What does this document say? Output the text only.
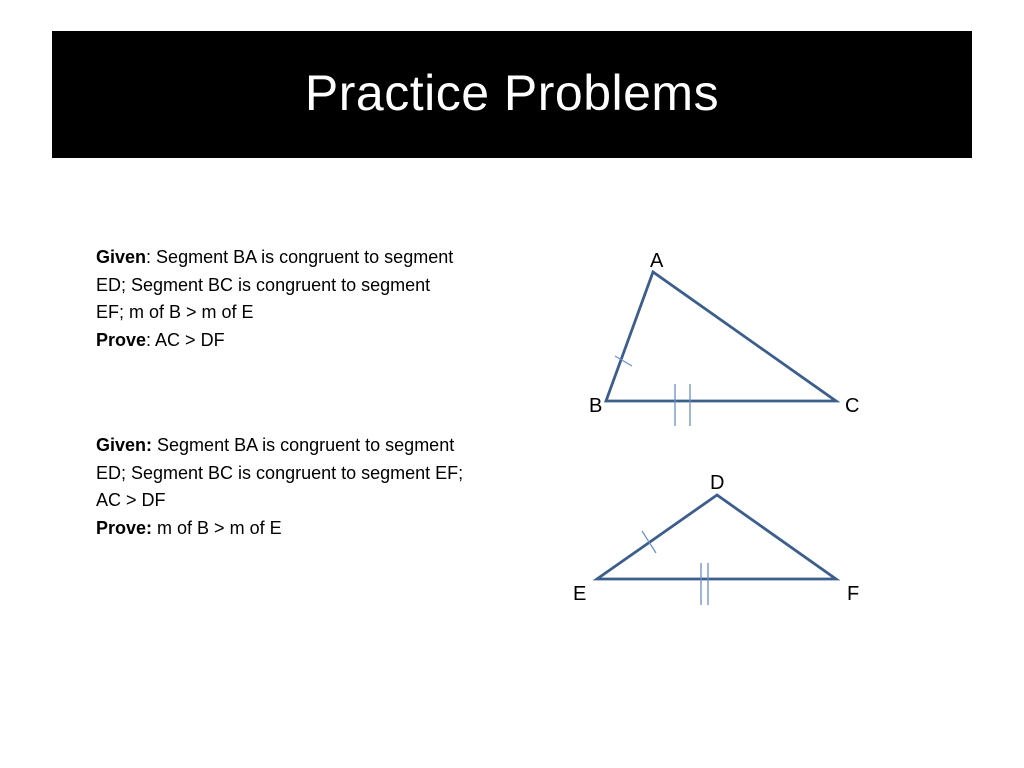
Practice Problems

Given: Segment BA is congruent to segment ED; Segment BC is congruent to segment EF; m of B > m of E

Prove: AC > DF

Given: Segment BA is congruent to segment ED; Segment BC is congruent to segment EF; AC > DF

Prove: m of B > m of E

A
B	C
D
E	F
